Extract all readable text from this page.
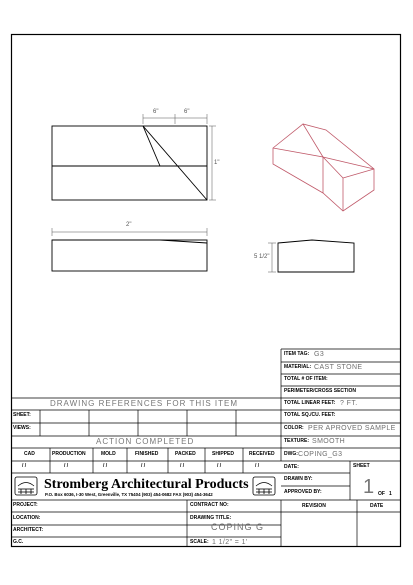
6"	6"
1"
2"
5 1/2"
ITEM TAG: G3
MATERIAL: CAST STONE
TOTAL # OF ITEM:
PERIMETER/CROSS SECTION
TOTAL LINEAR FEET: ? FT.
TOTAL SQ./CU. FEET:
COLOR: PER APROVED SAMPLE
TEXTURE: SMOOTH
DRAWING REFERENCES FOR THIS ITEM
SHEET:
VIEWS:
ACTION COMPLETED
CAD	PRODUCTION	MOLD	FINISHED	PACKED	SHIPPED	RECEIVED
/ /	/ /	/ /	/ /	/ /	/ /	/ /
DWG: COPING_G3
DATE:	SHEET
DRAWN BY:
APPROVED BY: 1 OF 1
Stromberg Architectural Products
P.O. Box 6036, I-30 West, Greenville, TX 75404 (903) 454-0682 FAX (903) 454-3642
PROJECT:	CONTRACT NO:
LOCATION:	DRAWING TITLE:
COPING G
ARCHITECT:
G.C.	SCALE: 1 1/2" = 1'
REVISION	DATE
